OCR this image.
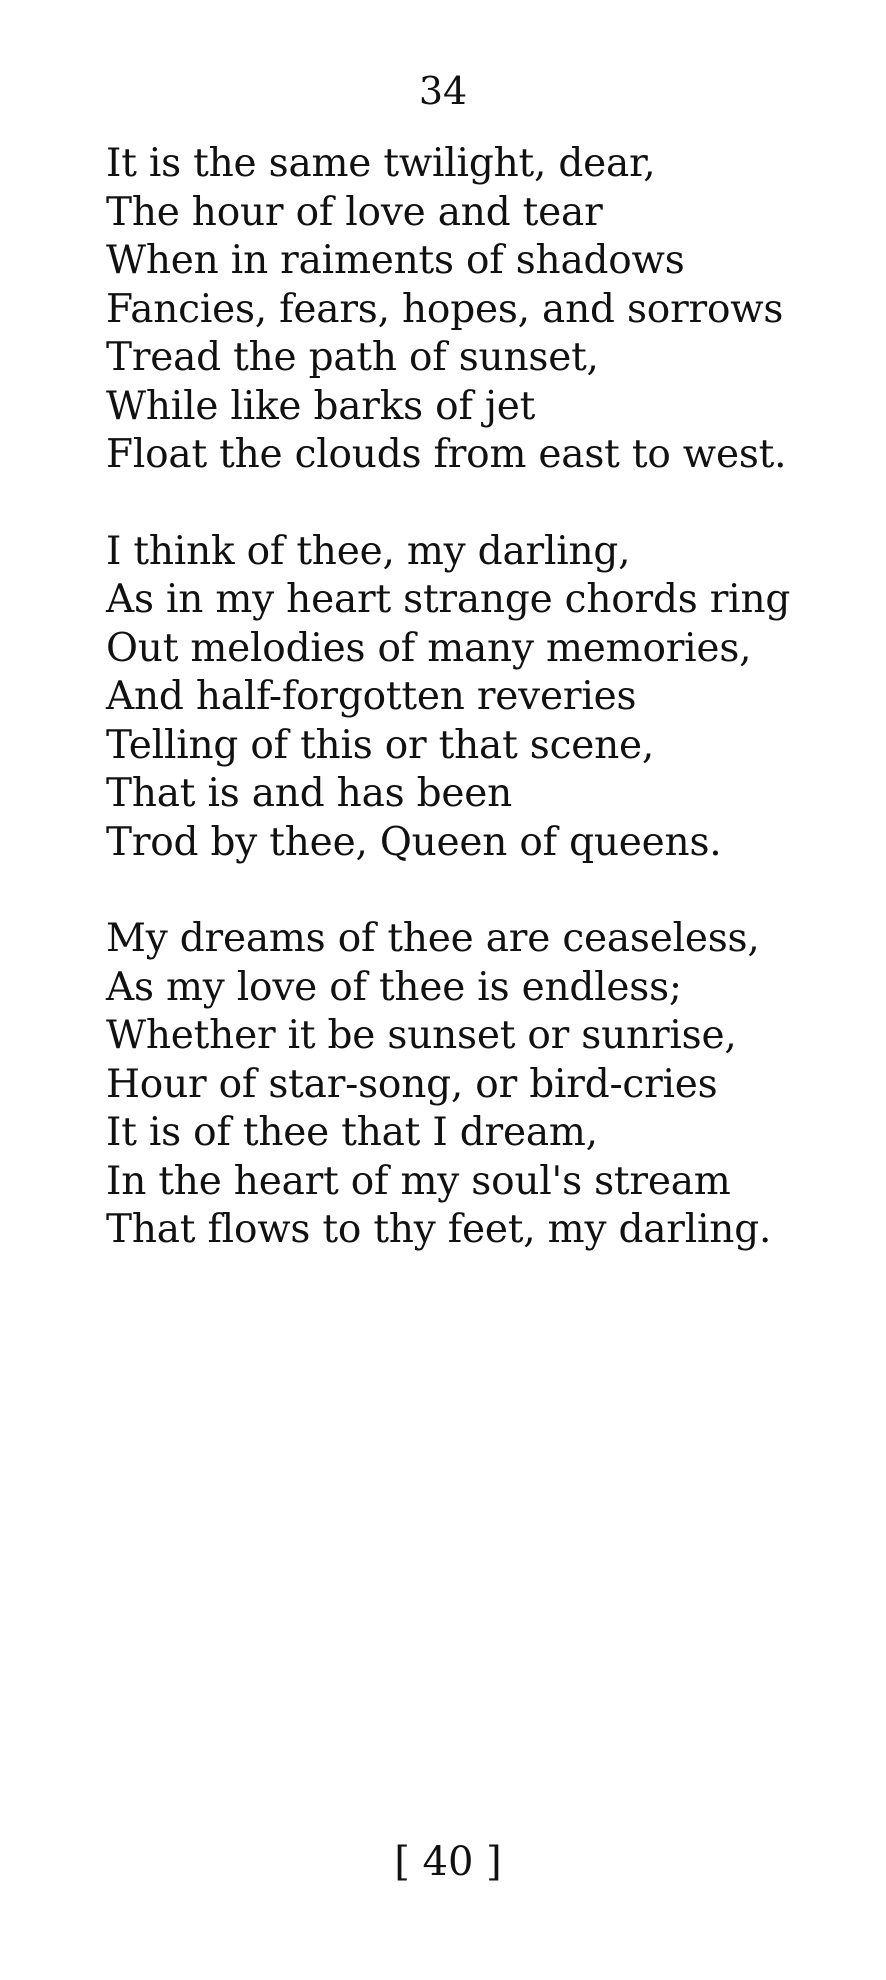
34
It is the same twilight, dear,
The hour of love and tear
When in raiments of shadows
Fancies, fears, hopes, and sorrows
Tread the path of sunset,
While like barks of jet
Float the clouds from east to west.
I think of thee, my darling,
As in my heart strange chords ring
Out melodies of many memories,
And half-forgotten reveries
Telling of this or that scene,
That is and has been
Trod by thee, Queen of queens.
My dreams of thee are ceaseless,
As my love of thee is endless;
Whether it be sunset or sunrise,
Hour of star-song, or bird-cries
It is of thee that I dream,
In the heart of my soul's stream
That flows to thy feet, my darling.
[ 40 ]
